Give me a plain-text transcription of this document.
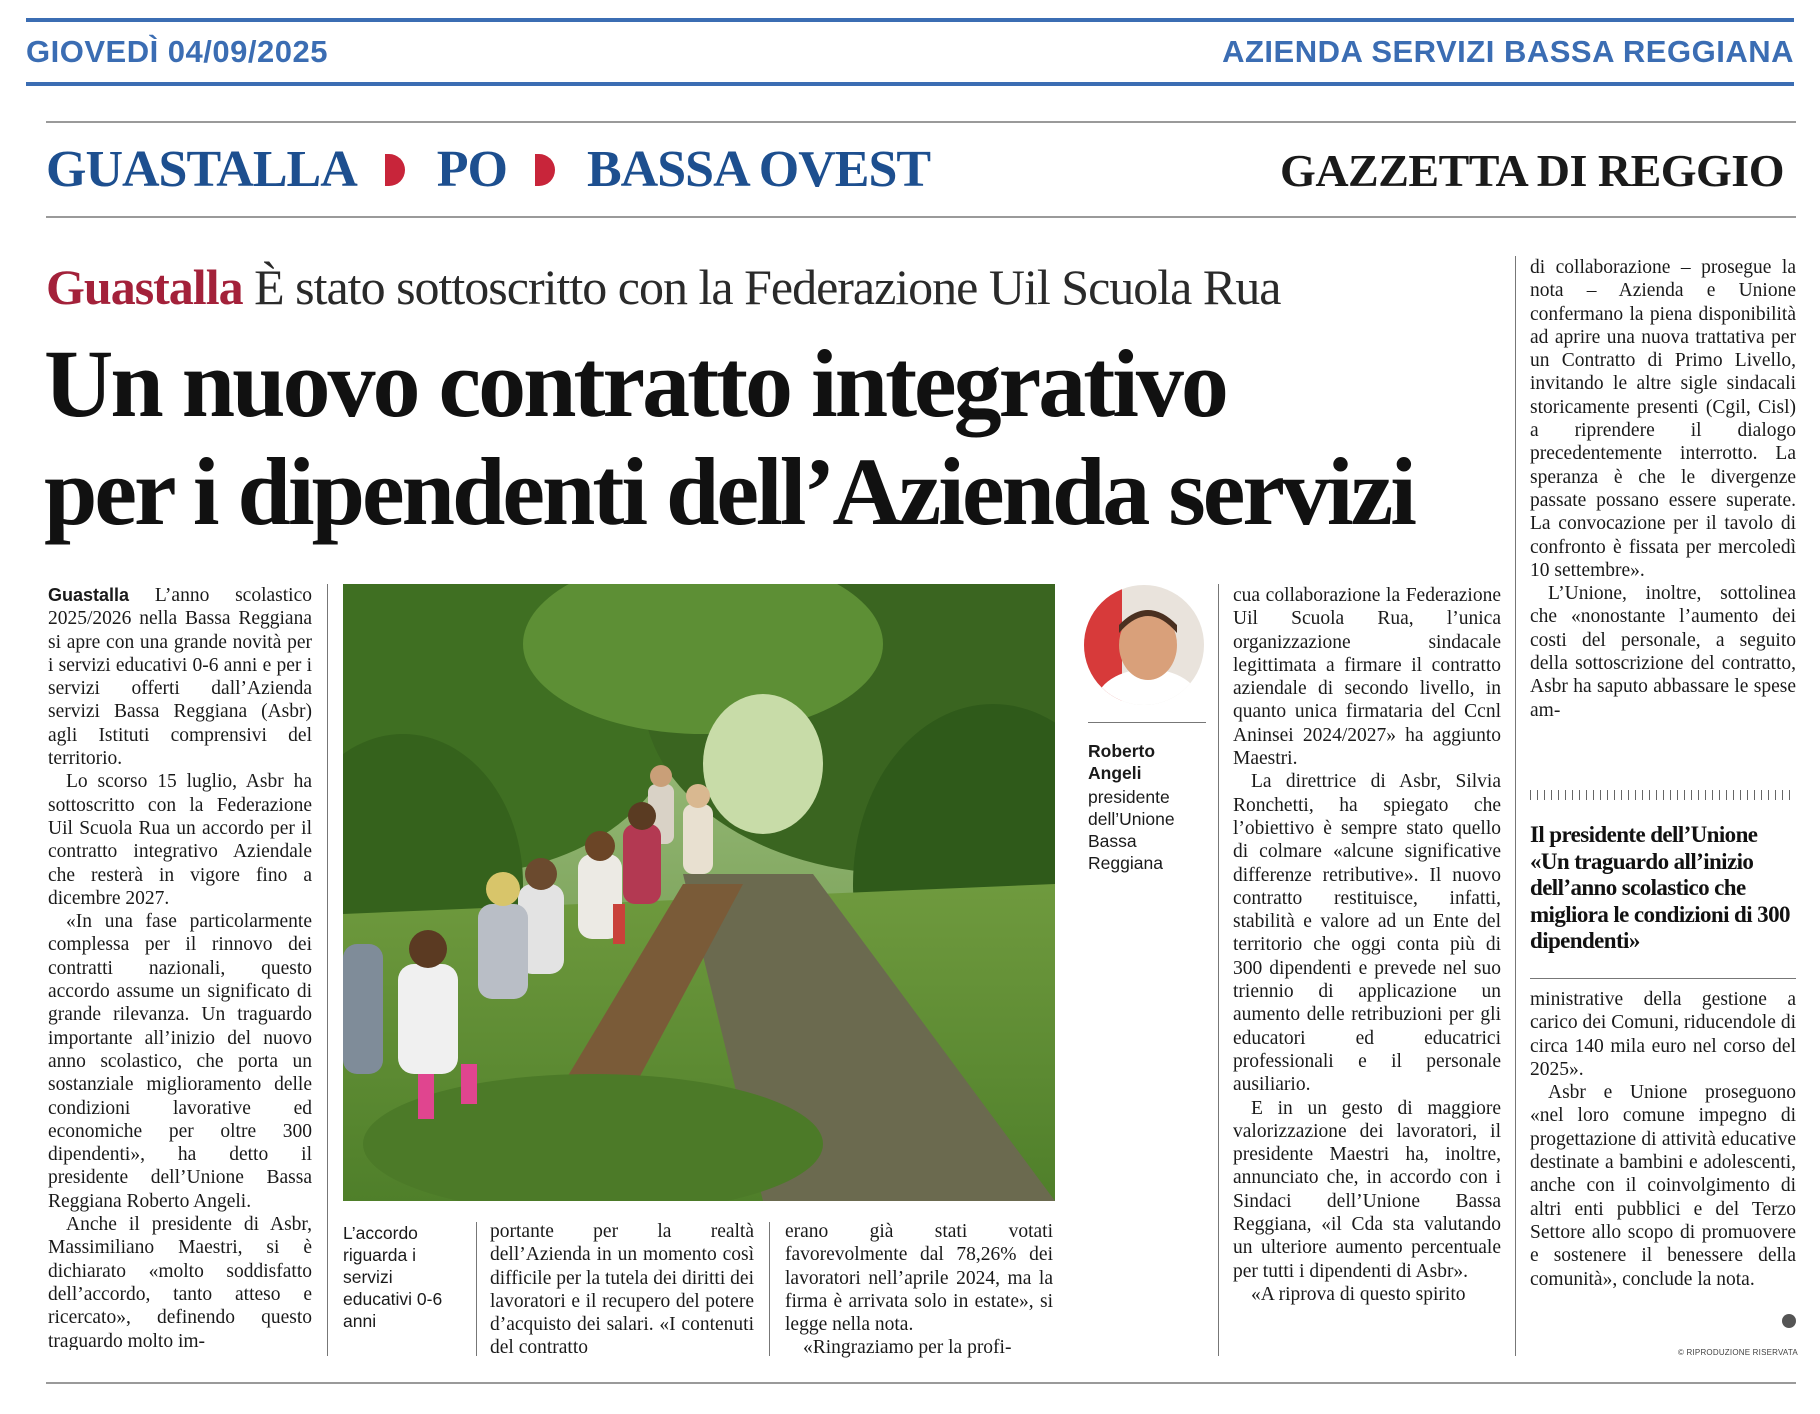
GIOVEDÌ 04/09/2025	AZIENDA SERVIZI BASSA REGGIANA
GUASTALLA PO BASSA OVEST	GAZZETTA DI REGGIO
Guastalla È stato sottoscritto con la Federazione Uil Scuola Rua
Un nuovo contratto integrativo
per i dipendenti dell’Azienda servizi

Guastalla L’anno scolastico 2025/2026 nella Bassa Reggiana si apre con una grande novità per i servizi educativi 0-6 anni e per i servizi offerti dall’Azienda servizi Bassa Reggiana (Asbr) agli Istituti comprensivi del territorio.

Lo scorso 15 luglio, Asbr ha sottoscritto con la Federazione Uil Scuola Rua un accordo per il contratto integrativo Aziendale che resterà in vigore fino a dicembre 2027.

«In una fase particolarmente complessa per il rinnovo dei contratti nazionali, questo accordo assume un significato di grande rilevanza. Un traguardo importante all’inizio del nuovo anno scolastico, che porta un sostanziale miglioramento delle condizioni lavorative ed economiche per oltre 300 dipendenti», ha detto il presidente dell’Unione Bassa Reggiana Roberto Angeli.

Anche il presidente di Asbr, Massimiliano Maestri, si è dichiarato «molto soddisfatto dell’accordo, tanto atteso e ricercato», definendo questo traguardo molto im-

L’accordo riguarda i servizi educativi 0-6 anni

portante per la realtà dell’Azienda in un momento così difficile per la tutela dei diritti dei lavoratori e il recupero del potere d’acquisto dei salari. «I contenuti del contratto

erano già stati votati favorevolmente dal 78,26% dei lavoratori nell’aprile 2024, ma la firma è arrivata solo in estate», si legge nella nota.

«Ringraziamo per la profi-

Roberto Angeli
presidente dell’Unione Bassa Reggiana

cua collaborazione la Federazione Uil Scuola Rua, l’unica organizzazione sindacale legittimata a firmare il contratto aziendale di secondo livello, in quanto unica firmataria del Ccnl Aninsei 2024/2027» ha aggiunto Maestri.

La direttrice di Asbr, Silvia Ronchetti, ha spiegato che l’obiettivo è sempre stato quello di colmare «alcune significative differenze retributive». Il nuovo contratto restituisce, infatti, stabilità e valore ad un Ente del territorio che oggi conta più di 300 dipendenti e prevede nel suo triennio di applicazione un aumento delle retribuzioni per gli educatori ed educatrici professionali e il personale ausiliario.

E in un gesto di maggiore valorizzazione dei lavoratori, il presidente Maestri ha, inoltre, annunciato che, in accordo con i Sindaci dell’Unione Bassa Reggiana, «il Cda sta valutando un ulteriore aumento percentuale per tutti i dipendenti di Asbr».

«A riprova di questo spirito

di collaborazione – prosegue la nota – Azienda e Unione confermano la piena disponibilità ad aprire una nuova trattativa per un Contratto di Primo Livello, invitando le altre sigle sindacali storicamente presenti (Cgil, Cisl) a riprendere il dialogo precedentemente interrotto. La speranza è che le divergenze passate possano essere superate. La convocazione per il tavolo di confronto è fissata per mercoledì 10 settembre».

L’Unione, inoltre, sottolinea che «nonostante l’aumento dei costi del personale, a seguito della sottoscrizione del contratto, Asbr ha saputo abbassare le spese am-

Il presidente dell’Unione «Un traguardo all’inizio dell’anno scolastico che migliora le condizioni di 300 dipendenti»

ministrative della gestione a carico dei Comuni, riducendole di circa 140 mila euro nel corso del 2025».

Asbr e Unione proseguono «nel loro comune impegno di progettazione di attività educative destinate a bambini e adolescenti, anche con il coinvolgimento di altri enti pubblici e del Terzo Settore allo scopo di promuovere e sostenere il benessere della comunità», conclude la nota.

© RIPRODUZIONE RISERVATA
